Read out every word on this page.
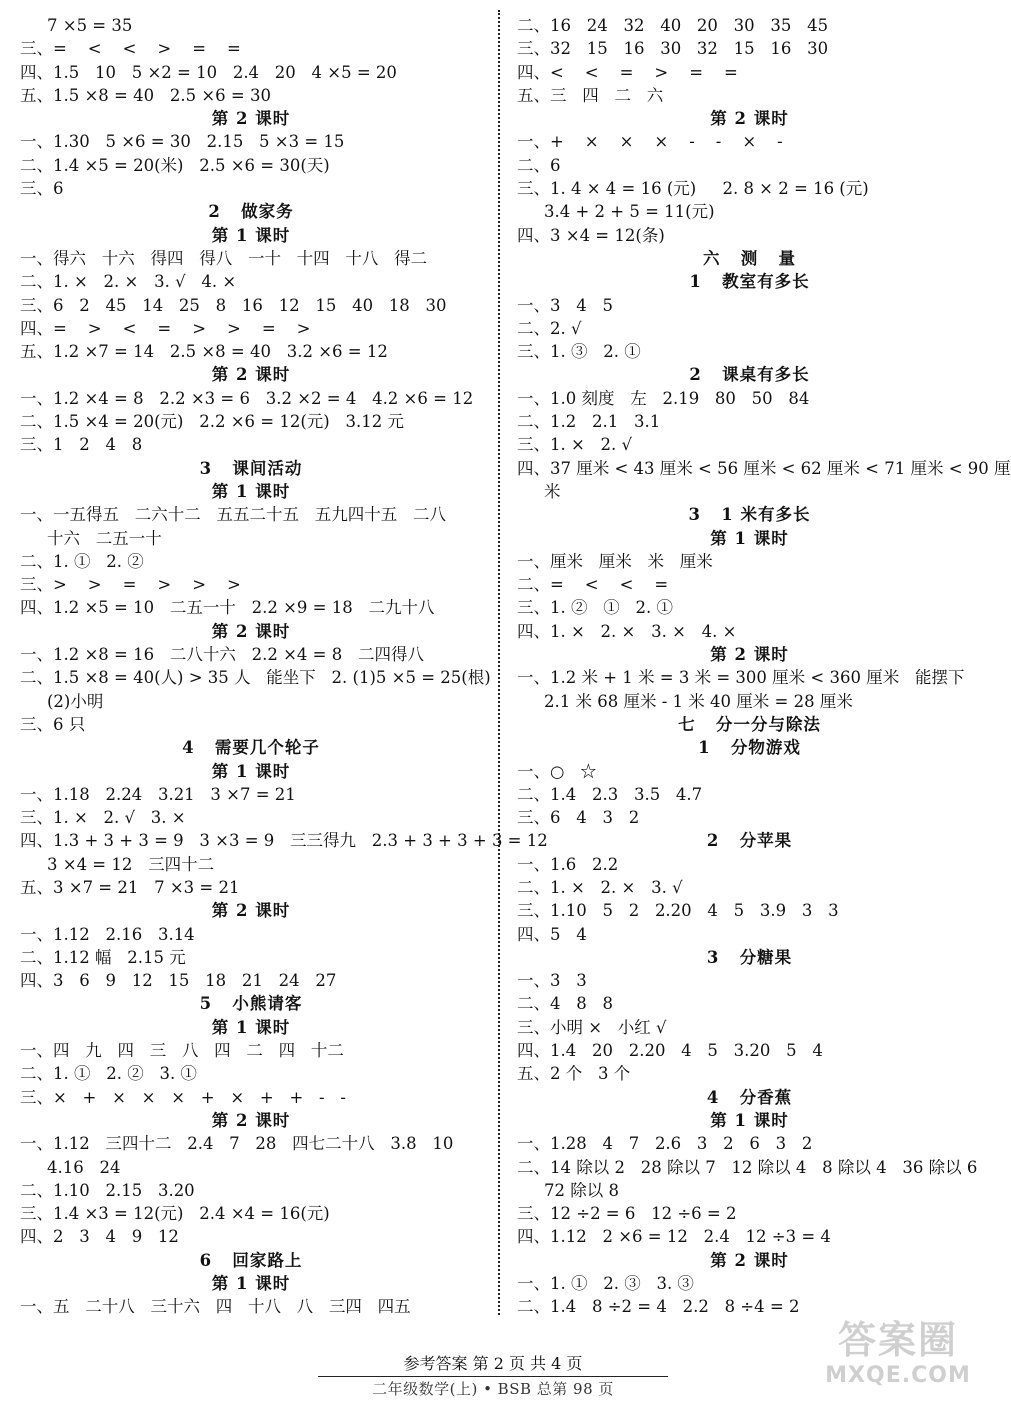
7 ×5 = 35
三、=    <    <    >    =    =
四、1.5   10   5 ×2 = 10   2.4   20   4 ×5 = 20
五、1.5 ×8 = 40   2.5 ×6 = 30
第 2 课时
一、1.30   5 ×6 = 30   2.15   5 ×3 = 15
二、1.4 ×5 = 20(米)   2.5 ×6 = 30(天)
三、6
2   做家务
第 1 课时
一、得六   十六   得四   得八   一十   十四   十八   得二
二、1. ×   2. ×   3. √   4. ×
三、6   2   45   14   25   8   16   12   15   40   18   30
四、=    >    <    =    >    >    =    >
五、1.2 ×7 = 14   2.5 ×8 = 40   3.2 ×6 = 12
第 2 课时
一、1.2 ×4 = 8   2.2 ×3 = 6   3.2 ×2 = 4   4.2 ×6 = 12
二、1.5 ×4 = 20(元)   2.2 ×6 = 12(元)   3.12 元
三、1   2   4   8
3   课间活动
第 1 课时
一、一五得五   二六十二   五五二十五   五九四十五   二八
十六   二五一十
二、1. ①   2. ②
三、>    >    =    >    >    >
四、1.2 ×5 = 10   二五一十   2.2 ×9 = 18   二九十八
第 2 课时
一、1.2 ×8 = 16   二八十六   2.2 ×4 = 8   二四得八
二、1.5 ×8 = 40(人) > 35 人   能坐下   2. (1)5 ×5 = 25(根)
(2)小明
三、6 只
4   需要几个轮子
第 1 课时
一、1.18   2.24   3.21   3 ×7 = 21
三、1. ×   2. √   3. ×
四、1.3 + 3 + 3 = 9   3 ×3 = 9   三三得九   2.3 + 3 + 3 + 3 = 12
3 ×4 = 12   三四十二
五、3 ×7 = 21   7 ×3 = 21
第 2 课时
一、1.12   2.16   3.14
二、1.12 幅   2.15 元
四、3   6   9   12   15   18   21   24   27
5   小熊请客
第 1 课时
一、四   九   四   三   八   四   二   四   十二
二、1. ①   2. ②   3. ①
三、×   +   ×   ×   ×   +   ×   +   +   -   -
第 2 课时
一、1.12   三四十二   2.4   7   28   四七二十八   3.8   10
4.16   24
二、1.10   2.15   3.20
三、1.4 ×3 = 12(元)   2.4 ×4 = 16(元)
四、2   3   4   9   12
6   回家路上
第 1 课时
一、五   二十八   三十六   四   十八   八   三四   四五
二、16   24   32   40   20   30   35   45
三、32   15   16   30   32   15   16   30
四、<    <    =    >    =    =
五、三   四   二   六
第 2 课时
一、+    ×    ×    ×    -    -    ×    -
二、6
三、1. 4 × 4 = 16 (元)     2. 8 × 2 = 16 (元)
3.4 + 2 + 5 = 11(元)
四、3 ×4 = 12(条)
六   测   量
1   教室有多长
一、3   4   5
二、2. √
三、1. ③   2. ①
2   课桌有多长
一、1.0 刻度   左   2.19   80   50   84
二、1.2   2.1   3.1
三、1. ×   2. √
四、37 厘米 < 43 厘米 < 56 厘米 < 62 厘米 < 71 厘米 < 90 厘
米
3   1 米有多长
第 1 课时
一、厘米   厘米   米   厘米
二、=    <    <    =
三、1. ②   ①   2. ①
四、1. ×   2. ×   3. ×   4. ×
第 2 课时
一、1.2 米 + 1 米 = 3 米 = 300 厘米 < 360 厘米   能摆下
2.1 米 68 厘米 - 1 米 40 厘米 = 28 厘米
七   分一分与除法
1   分物游戏
一、○   ☆
二、1.4   2.3   3.5   4.7
三、6   4   3   2
2   分苹果
一、1.6   2.2
二、1. ×   2. ×   3. √
三、1.10   5   2   2.20   4   5   3.9   3   3
四、5   4
3   分糖果
一、3   3
二、4   8   8
三、小明 ×   小红 √
四、1.4   20   2.20   4   5   3.20   5   4
五、2 个   3 个
4   分香蕉
第 1 课时
一、1.28   4   7   2.6   3   2   6   3   2
二、14 除以 2   28 除以 7   12 除以 4   8 除以 4   36 除以 6
72 除以 8
三、12 ÷2 = 6   12 ÷6 = 2
四、1.12   2 ×6 = 12   2.4   12 ÷3 = 4
第 2 课时
一、1. ①   2. ③   3. ③
二、1.4   8 ÷2 = 4   2.2   8 ÷4 = 2
参考答案 第 2 页 共 4 页
二年级数学(上) • BSB 总第 98 页
答案圈
MXQE.COM
